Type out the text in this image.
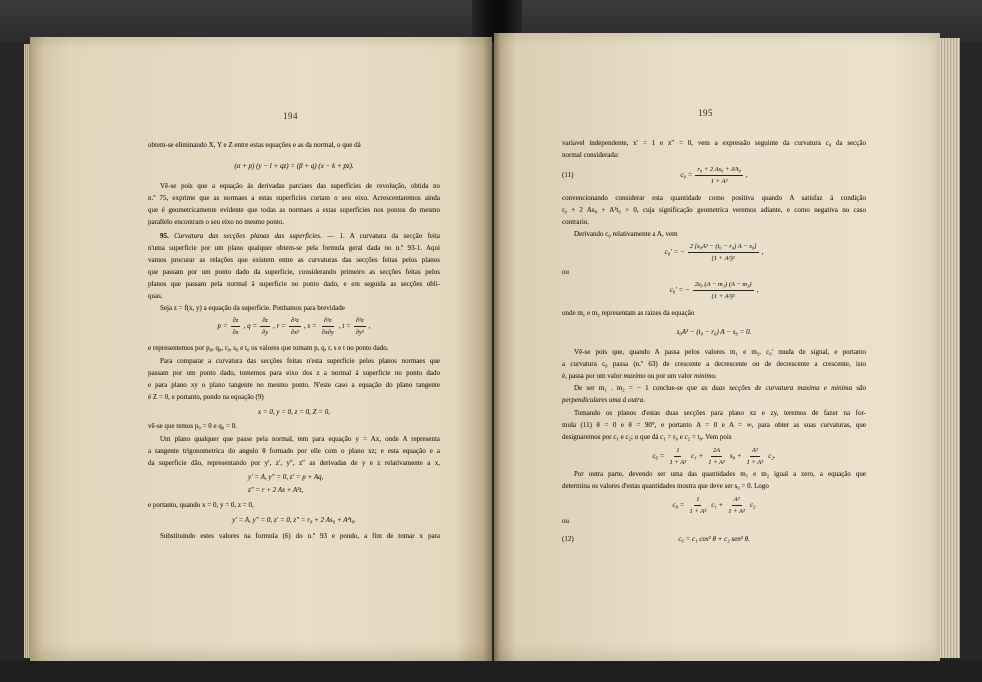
194	195
obtem-se eliminando X, Y e Z entre estas equações e as da normal, o que dá
(α + p) (y − l + qz) = (β + q) (x − k + pz).
Vê-se pois que a equação ás derivadas parciaes das superficies de revolução, obtida no
n.º 75, exprime que as normaes a estas superficies cortam o seu eixo. Acrescentaremos ainda
que é geometricamente evidente que todas as normaes a estas superficies nos pontos do mesmo
parallelo encontram o seu eixo no mesmo ponto.
95. Curvatura das secções planas das superficies. — 1. A curvatura da secção feita
n'uma superficie por um plano qualquer obtem-se pela formula geral dada no n.º 93-1. Aqui
vamos procurar as relações que existem entre as curvaturas das secções feitas pelos planos
que passam por um ponto dado da superficie, considerando primeiro as secções feitas pelos
planos que passam pela normal á superficie no ponto dado, e em seguida as secções obli-
quas.
Seja z = f(x, y) a equação da superficie. Ponhamos para brevidade
$p = \frac{\partial z}{\partial x}$ , $q = \frac{\partial z}{\partial y}$ , $r = \frac{\text{∂²z}}{\text{∂x²}}$ , $s = \frac{\text{∂²z}}{\partial x\partial y}$ , $t = \frac{\text{∂²z}}{\text{∂y²}}$ ,
e representemos por p₀, q₀, r₀, s₀ e t₀ os valores que tomam p, q, r, s e t no ponto dado.
Para comparar a curvatura das secções feitas n'esta superficie pelos planos normaes que
passam por um ponto dado, tomemos para eixo dos z a normal á superficie no ponto dado
e para plano xy o plano tangente no mesmo ponto. N'este caso a equação do plano tangente
é Z = 0, e portanto, pondo na equação (9)
x = 0, y = 0, z = 0, Z = 0,
vê-se que temos p₀ = 0 e q₀ = 0.
Um plano qualquer que passe pela normal, tem para equação y = Ax, onde A representa
a tangente trigonometrica do angulo θ formado por elle com o plano xz; e esta equação e a
da superficie dão, representando por y′, z′, y″, z″ as derivadas de y e z relativamente a x,
y′ = A, y″ = 0, z′ = p + Aq,
z″ = r + 2 As + A²t,
e portanto, quando x = 0, y = 0, z = 0,
y′ = A, y″ = 0, z′ = 0, z″ = r₀ + 2 As₀ + A²t₀.
Substituindo estes valores na formula (6) do n.º 93 e pondo, a fim de tomar x para
variavel independente, x′ = 1 e x″ = 0, vem a expressão seguinte da curvatura c₀ da secção
normal considerada:
(11)	$c_0 = \frac{\text{r₀ + 2 As₀ + A²t₀}}{\text{1 + A²}}$ ,
convencionando considerar esta quantidade como positiva quando A satisfaz á condição
r₀ + 2 As₀ + A²t₀ > 0, cuja significação geometrica veremos adiante, e como negativa no caso
contrario.
Derivando c₀ relativamente a A, vem
c₀′ = − $\frac{\text{2 [s₀A² − (t₀ − r₀) A − s₀]}}{\text{(1 + A²)²}}$ ,
ou
c₀′ = − $\frac{\text{2s₀ (A − m₁) (A − m₂)}}{\text{(1 + A²)²}}$ ,
onde m₁ e m₂ representam as raizes da equação
s₀A² − (t₀ − r₀) A − s₀ = 0.
Vê-se pois que, quando A passa pelos valores m₁ e m₂, c₀′ muda de signal, e portanto
a curvatura c₀ passa (n.º 63) de crescente a decrescente ou de decrescente a crescente, isto
é, passa por um valor maximo ou por um valor minimo.
De ser m₁ . m₂ = − 1 conclue-se que as duas secções de curvatura maxima e minima são
perpendiculares uma á outra.
Tomando os planos d'estas duas secções para plano xz e zy, teremos de fazer na for-
mula (11) θ = 0 e θ = 90°, e portanto A = 0 e A = ∞, para obter as suas curvaturas, que
designaremos por c₁ e c₂; o que dá c₁ = r₀ e c₂ = t₀. Vem pois
$c_0 = \frac{1}{\text{1 + A²}} c_1 + \frac{2A}{\text{1 + A²}} s_0 + \frac{\text{A²}}{\text{1 + A²}} c_2$.
Por outra parte, devendo ser uma das quantidades m₁ e m₂ igual a zero, a equação que
determina os valores d'estas quantidades mostra que deve ser s₀ = 0. Logo
$c_0 = \frac{1}{\text{1 + A²}} c_1 + \frac{\text{A²}}{\text{1 + A²}} c_2$
ou
(12)	c₀ = c₁ cos² θ + c₂ sen² θ.
